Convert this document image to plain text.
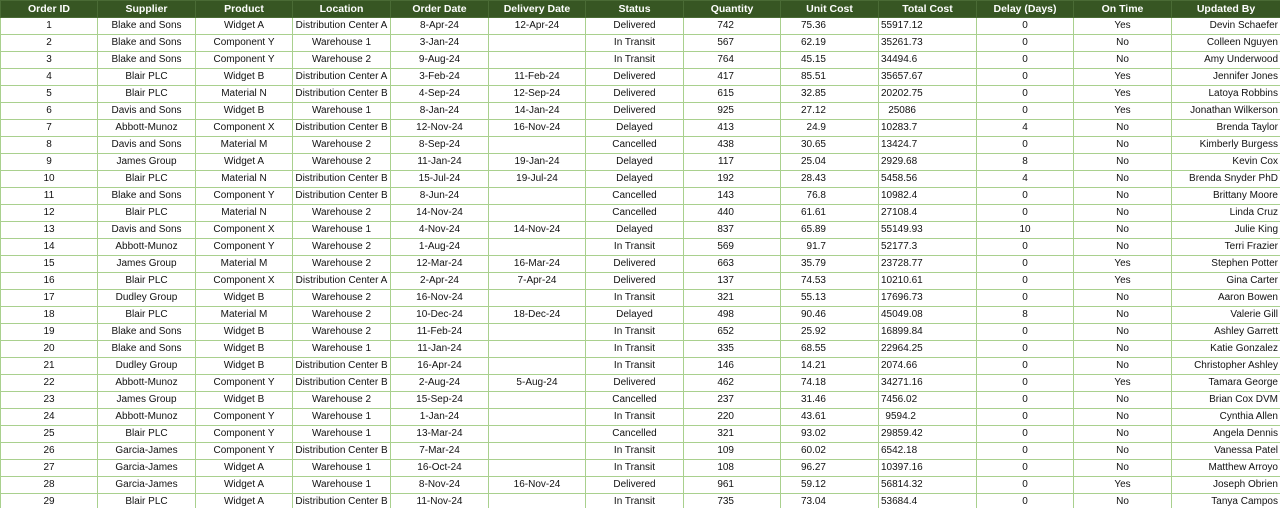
Order ID	Supplier	Product	Location	Order Date	Delivery Date	Status	Quantity	Unit Cost	Total Cost	Delay (Days)	On Time	Updated By
1	Blake and Sons	Widget A	Distribution Center A	8-Apr-24	12-Apr-24	Delivered	742	75.36	55917.12	0	Yes	Devin Schaefer
2	Blake and Sons	Component Y	Warehouse 1	3-Jan-24		In Transit	567	62.19	35261.73	0	No	Colleen Nguyen
3	Blake and Sons	Component Y	Warehouse 2	9-Aug-24		In Transit	764	45.15	34494.6	0	No	Amy Underwood
4	Blair PLC	Widget B	Distribution Center A	3-Feb-24	11-Feb-24	Delivered	417	85.51	35657.67	0	Yes	Jennifer Jones
5	Blair PLC	Material N	Distribution Center B	4-Sep-24	12-Sep-24	Delivered	615	32.85	20202.75	0	Yes	Latoya Robbins
6	Davis and Sons	Widget B	Warehouse 1	8-Jan-24	14-Jan-24	Delivered	925	27.12	25086	0	Yes	Jonathan Wilkerson
7	Abbott-Munoz	Component X	Distribution Center B	12-Nov-24	16-Nov-24	Delayed	413	24.9	10283.7	4	No	Brenda Taylor
8	Davis and Sons	Material M	Warehouse 2	8-Sep-24		Cancelled	438	30.65	13424.7	0	No	Kimberly Burgess
9	James Group	Widget A	Warehouse 2	11-Jan-24	19-Jan-24	Delayed	117	25.04	2929.68	8	No	Kevin Cox
10	Blair PLC	Material N	Distribution Center B	15-Jul-24	19-Jul-24	Delayed	192	28.43	5458.56	4	No	Brenda Snyder PhD
11	Blake and Sons	Component Y	Distribution Center B	8-Jun-24		Cancelled	143	76.8	10982.4	0	No	Brittany Moore
12	Blair PLC	Material N	Warehouse 2	14-Nov-24		Cancelled	440	61.61	27108.4	0	No	Linda Cruz
13	Davis and Sons	Component X	Warehouse 1	4-Nov-24	14-Nov-24	Delayed	837	65.89	55149.93	10	No	Julie King
14	Abbott-Munoz	Component Y	Warehouse 2	1-Aug-24		In Transit	569	91.7	52177.3	0	No	Terri Frazier
15	James Group	Material M	Warehouse 2	12-Mar-24	16-Mar-24	Delivered	663	35.79	23728.77	0	Yes	Stephen Potter
16	Blair PLC	Component X	Distribution Center A	2-Apr-24	7-Apr-24	Delivered	137	74.53	10210.61	0	Yes	Gina Carter
17	Dudley Group	Widget B	Warehouse 2	16-Nov-24		In Transit	321	55.13	17696.73	0	No	Aaron Bowen
18	Blair PLC	Material M	Warehouse 2	10-Dec-24	18-Dec-24	Delayed	498	90.46	45049.08	8	No	Valerie Gill
19	Blake and Sons	Widget B	Warehouse 2	11-Feb-24		In Transit	652	25.92	16899.84	0	No	Ashley Garrett
20	Blake and Sons	Widget B	Warehouse 1	11-Jan-24		In Transit	335	68.55	22964.25	0	No	Katie Gonzalez
21	Dudley Group	Widget B	Distribution Center B	16-Apr-24		In Transit	146	14.21	2074.66	0	No	Christopher Ashley
22	Abbott-Munoz	Component Y	Distribution Center B	2-Aug-24	5-Aug-24	Delivered	462	74.18	34271.16	0	Yes	Tamara George
23	James Group	Widget B	Warehouse 2	15-Sep-24		Cancelled	237	31.46	7456.02	0	No	Brian Cox DVM
24	Abbott-Munoz	Component Y	Warehouse 1	1-Jan-24		In Transit	220	43.61	9594.2	0	No	Cynthia Allen
25	Blair PLC	Component Y	Warehouse 1	13-Mar-24		Cancelled	321	93.02	29859.42	0	No	Angela Dennis
26	Garcia-James	Component Y	Distribution Center B	7-Mar-24		In Transit	109	60.02	6542.18	0	No	Vanessa Patel
27	Garcia-James	Widget A	Warehouse 1	16-Oct-24		In Transit	108	96.27	10397.16	0	No	Matthew Arroyo
28	Garcia-James	Widget A	Warehouse 1	8-Nov-24	16-Nov-24	Delivered	961	59.12	56814.32	0	Yes	Joseph Obrien
29	Blair PLC	Widget A	Distribution Center B	11-Nov-24		In Transit	735	73.04	53684.4	0	No	Tanya Campos
